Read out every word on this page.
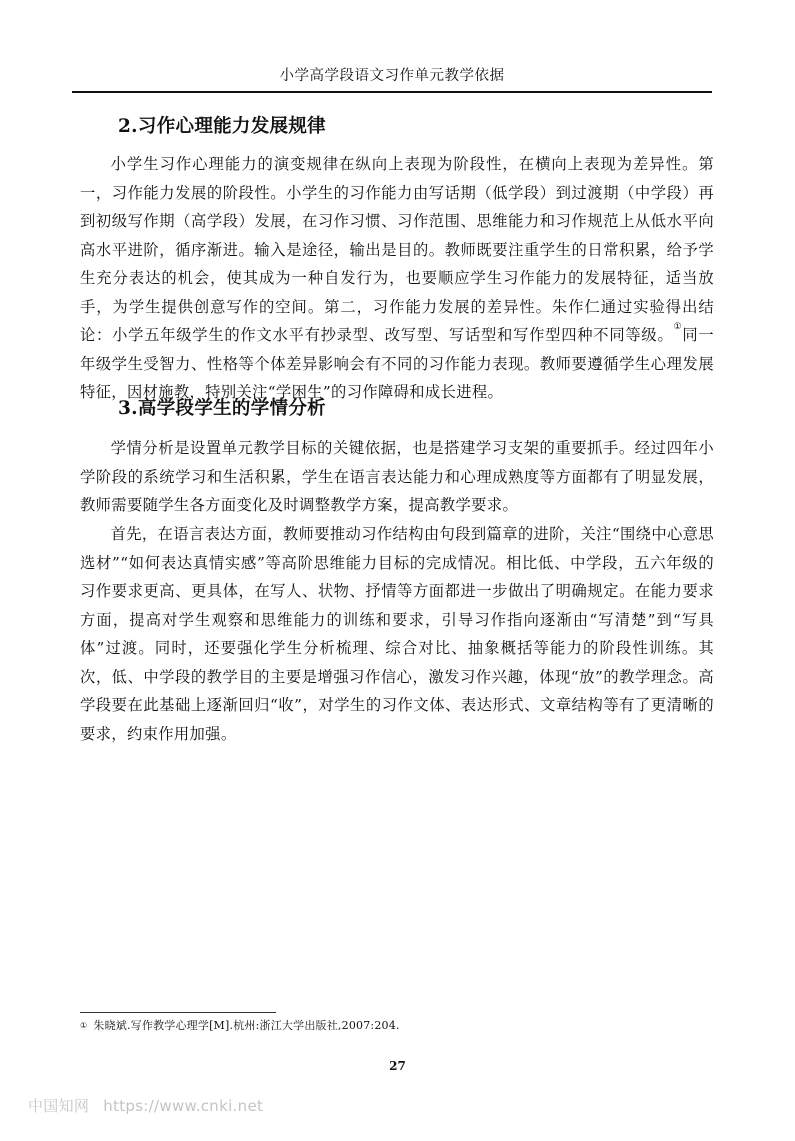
小学高学段语文习作单元教学依据
2.习作心理能力发展规律

小学生习作心理能力的演变规律在纵向上表现为阶段性，在横向上表现为差异性。第一，习作能力发展的阶段性。小学生的习作能力由写话期（低学段）到过渡期（中学段）再到初级写作期（高学段）发展，在习作习惯、习作范围、思维能力和习作规范上从低水平向高水平进阶，循序渐进。输入是途径，输出是目的。教师既要注重学生的日常积累，给予学生充分表达的机会，使其成为一种自发行为，也要顺应学生习作能力的发展特征，适当放手，为学生提供创意写作的空间。第二，习作能力发展的差异性。朱作仁通过实验得出结论：小学五年级学生的作文水平有抄录型、改写型、写话型和写作型四种不同等级。①同一年级学生受智力、性格等个体差异影响会有不同的习作能力表现。教师要遵循学生心理发展特征，因材施教，特别关注“学困生”的习作障碍和成长进程。

3.高学段学生的学情分析

学情分析是设置单元教学目标的关键依据，也是搭建学习支架的重要抓手。经过四年小学阶段的系统学习和生活积累，学生在语言表达能力和心理成熟度等方面都有了明显发展，教师需要随学生各方面变化及时调整教学方案，提高教学要求。

首先，在语言表达方面，教师要推动习作结构由句段到篇章的进阶，关注“围绕中心意思选材”“如何表达真情实感”等高阶思维能力目标的完成情况。相比低、中学段，五六年级的习作要求更高、更具体，在写人、状物、抒情等方面都进一步做出了明确规定。在能力要求方面，提高对学生观察和思维能力的训练和要求，引导习作指向逐渐由“写清楚”到“写具体”过渡。同时，还要强化学生分析梳理、综合对比、抽象概括等能力的阶段性训练。其次，低、中学段的教学目的主要是增强习作信心，激发习作兴趣，体现“放”的教学理念。高学段要在此基础上逐渐回归“收”，对学生的习作文体、表达形式、文章结构等有了更清晰的要求，约束作用加强。

① 朱晓斌.写作教学心理学[M].杭州:浙江大学出版社,2007:204.
27
中国知网 https://www.cnki.net
